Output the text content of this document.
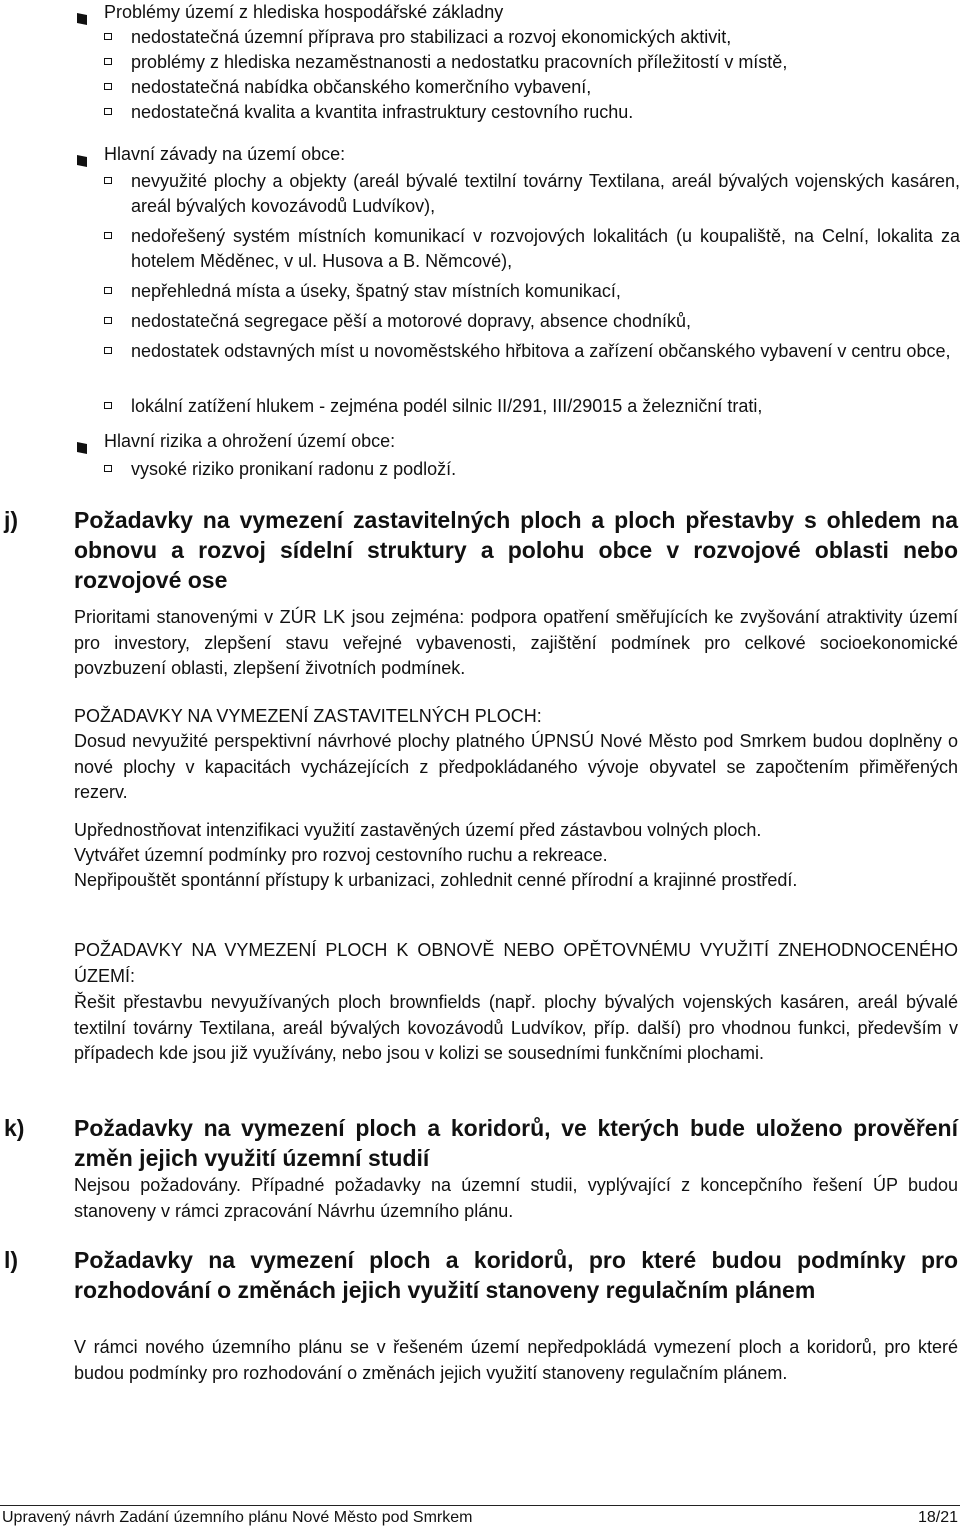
Problémy území z hlediska hospodářské základny
nedostatečná územní příprava pro stabilizaci a rozvoj ekonomických aktivit,
problémy z hlediska nezaměstnanosti a nedostatku pracovních příležitostí v místě,
nedostatečná nabídka občanského komerčního vybavení,
nedostatečná kvalita a kvantita infrastruktury cestovního ruchu.
Hlavní závady na území obce:
nevyužité plochy a objekty (areál bývalé textilní továrny Textilana, areál bývalých vojenských kasáren, areál bývalých kovozávodů Ludvíkov),
nedořešený systém místních komunikací v rozvojových lokalitách (u koupaliště, na Celní, lokalita za hotelem Měděnec, v ul. Husova a B. Němcové),
nepřehledná místa a úseky, špatný stav místních komunikací,
nedostatečná segregace pěší a motorové dopravy, absence chodníků,
nedostatek odstavných míst u novoměstského hřbitova a zařízení občanského vybavení v centru obce,
lokální zatížení hlukem - zejména podél silnic II/291, III/29015 a železniční trati,
Hlavní rizika a ohrožení území obce:
vysoké riziko pronikaní radonu z podloží.
j) Požadavky na vymezení zastavitelných ploch a ploch přestavby s ohledem na obnovu a rozvoj sídelní struktury a polohu obce v rozvojové oblasti nebo rozvojové ose
Prioritami stanovenými v ZÚR LK jsou zejména: podpora opatření směřujících ke zvyšování atraktivity území pro investory, zlepšení stavu veřejné vybavenosti, zajištění podmínek pro celkové socioekonomické povzbuzení oblasti, zlepšení životních podmínek.
POŽADAVKY NA VYMEZENÍ ZASTAVITELNÝCH PLOCH:
Dosud nevyužité perspektivní návrhové plochy platného ÚPNSÚ Nové Město pod Smrkem budou doplněny o nové plochy v kapacitách vycházejících z předpokládaného vývoje obyvatel se započtením přiměřených rezerv.
Upřednostňovat intenzifikaci využití zastavěných území před zástavbou volných ploch.
Vytvářet územní podmínky pro rozvoj cestovního ruchu a rekreace.
Nepřipouštět spontánní přístupy k urbanizaci, zohlednit cenné přírodní a krajinné prostředí.
POŽADAVKY NA VYMEZENÍ PLOCH K OBNOVĚ NEBO OPĚTOVNÉMU VYUŽITÍ ZNEHODNOCENÉHO ÚZEMÍ:
Řešit přestavbu nevyužívaných ploch brownfields (např. plochy bývalých vojenských kasáren, areál bývalé textilní továrny Textilana, areál bývalých kovozávodů Ludvíkov, příp. další) pro vhodnou funkci, především v případech kde jsou již využívány, nebo jsou v kolizi se sousedními funkčními plochami.
k) Požadavky na vymezení ploch a koridorů, ve kterých bude uloženo prověření změn jejich využití územní studií
Nejsou požadovány. Případné požadavky na územní studii, vyplývající z koncepčního řešení ÚP budou stanoveny v rámci zpracování Návrhu územního plánu.
l) Požadavky na vymezení ploch a koridorů, pro které budou podmínky pro rozhodování o změnách jejich využití stanoveny regulačním plánem
V rámci nového územního plánu se v řešeném území nepředpokládá vymezení ploch a koridorů, pro které budou podmínky pro rozhodování o změnách jejich využití stanoveny regulačním plánem.
Upravený návrh Zadání územního plánu Nové Město pod Smrkem	18/21
